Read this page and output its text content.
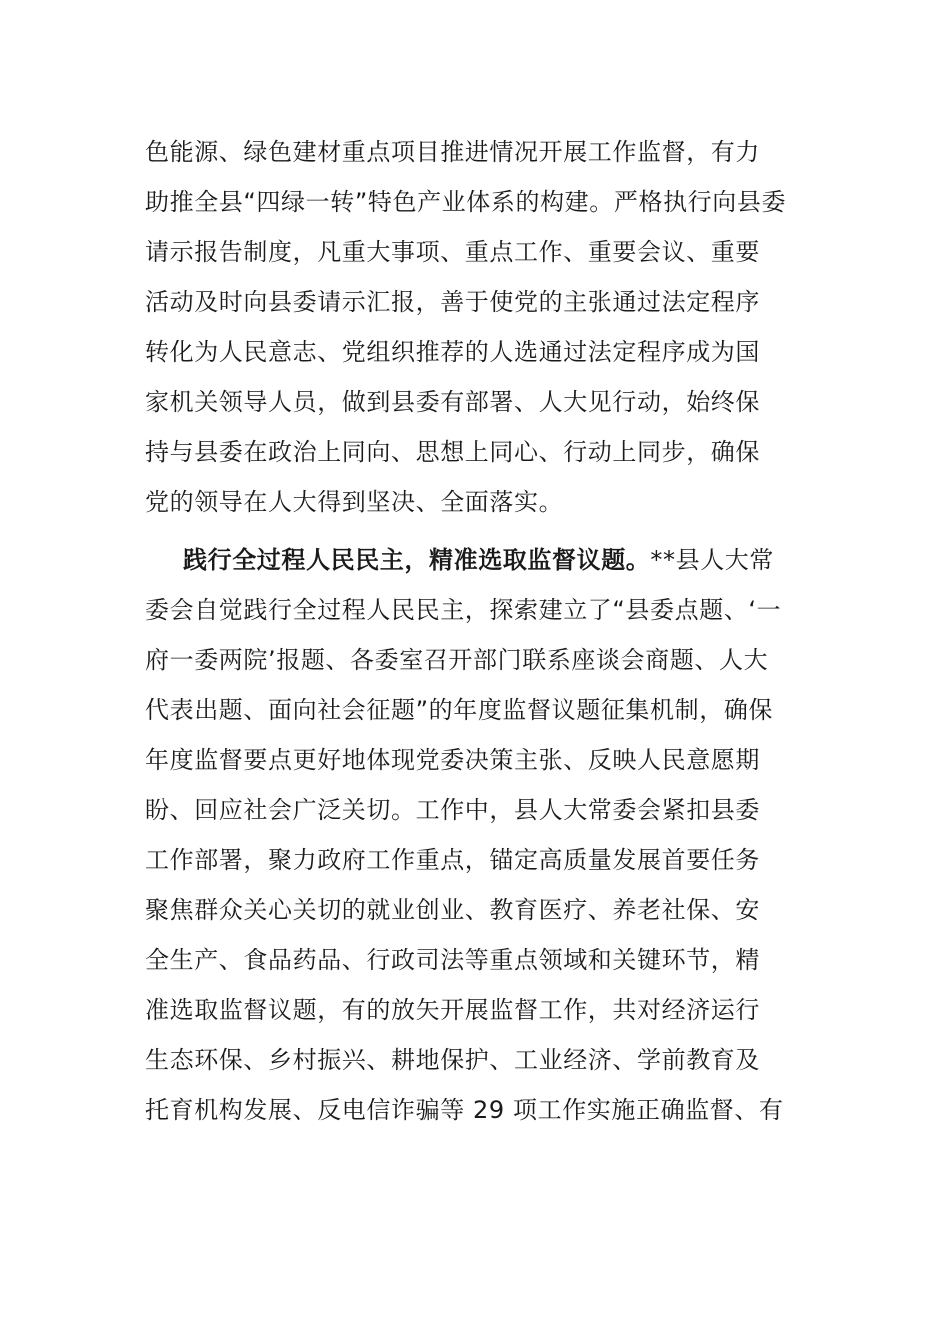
色能源、绿色建材重点项目推进情况开展工作监督，有力
助推全县“四绿一转”特色产业体系的构建。严格执行向县委
请示报告制度，凡重大事项、重点工作、重要会议、重要
活动及时向县委请示汇报，善于使党的主张通过法定程序
转化为人民意志、党组织推荐的人选通过法定程序成为国
家机关领导人员，做到县委有部署、人大见行动，始终保
持与县委在政治上同向、思想上同心、行动上同步，确保
党的领导在人大得到坚决、全面落实。
践行全过程人民民主，精准选取监督议题。**县人大常
委会自觉践行全过程人民民主，探索建立了“县委点题、‘一
府一委两院’报题、各委室召开部门联系座谈会商题、人大
代表出题、面向社会征题”的年度监督议题征集机制，确保
年度监督要点更好地体现党委决策主张、反映人民意愿期
盼、回应社会广泛关切。工作中，县人大常委会紧扣县委
工作部署，聚力政府工作重点，锚定高质量发展首要任务
聚焦群众关心关切的就业创业、教育医疗、养老社保、安
全生产、食品药品、行政司法等重点领域和关键环节，精
准选取监督议题，有的放矢开展监督工作，共对经济运行
生态环保、乡村振兴、耕地保护、工业经济、学前教育及
托育机构发展、反电信诈骗等 29 项工作实施正确监督、有
